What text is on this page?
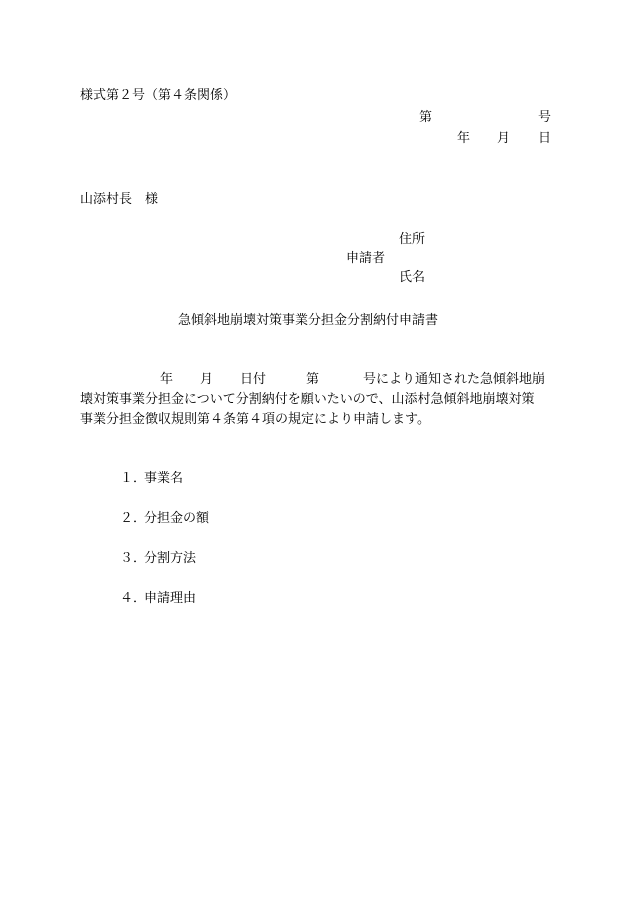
様式第２号（第４条関係）
第	号
年 月 日
山添村長　様
住所
申請者
氏名
急傾斜地崩壊対策事業分担金分割納付申請書
年 月 日付	第	号により通知された急傾斜地崩
壊対策事業分担金について分割納付を願いたいので、山添村急傾斜地崩壊対策
事業分担金徴収規則第４条第４項の規定により申請します。
１．事業名
２．分担金の額
３．分割方法
４．申請理由
